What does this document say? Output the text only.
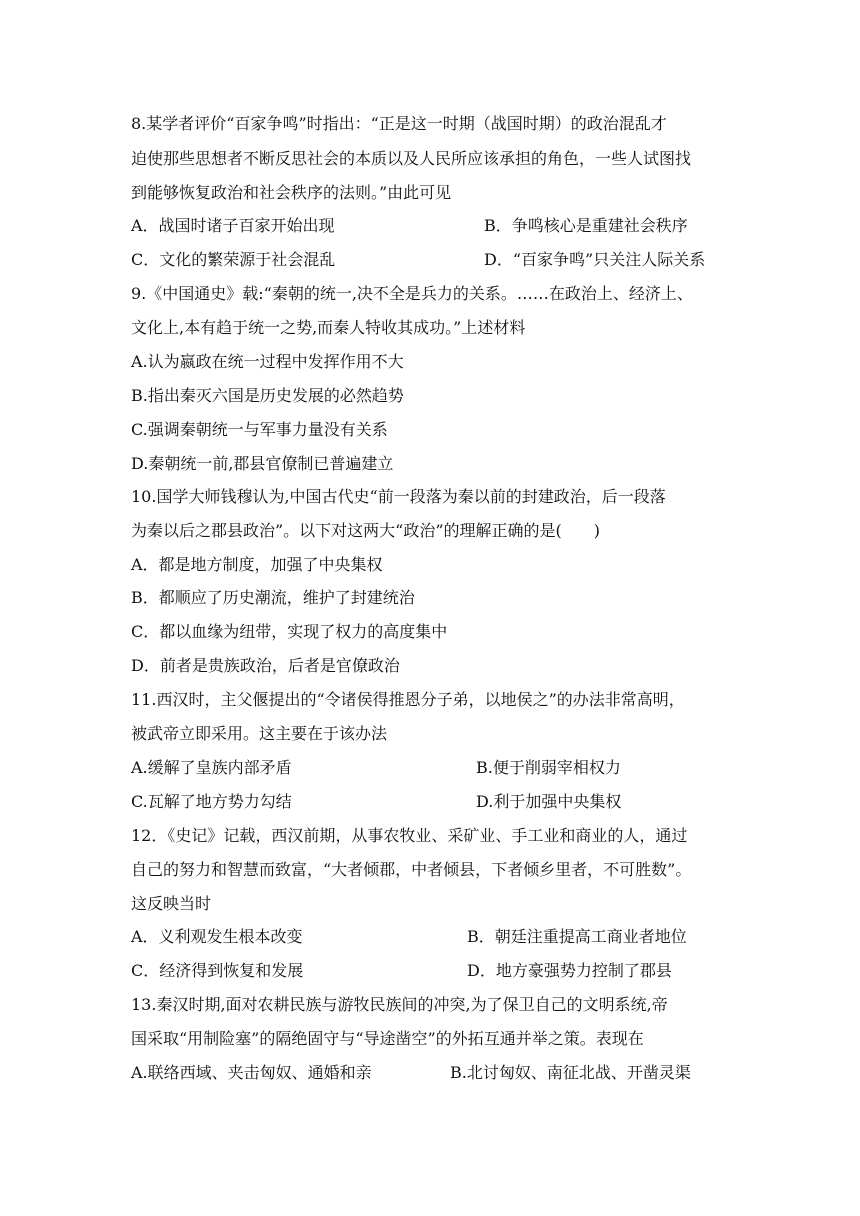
8.某学者评价“百家争鸣”时指出：“正是这一时期（战国时期）的政治混乱才
迫使那些思想者不断反思社会的本质以及人民所应该承担的角色，一些人试图找
到能够恢复政治和社会秩序的法则。”由此可见
A．战国时诸子百家开始出现	B．争鸣核心是重建社会秩序
C．文化的繁荣源于社会混乱	D．“百家争鸣”只关注人际关系
9.《中国通史》载:“秦朝的统一,决不全是兵力的关系。……在政治上、经济上、
文化上,本有趋于统一之势,而秦人特收其成功。”上述材料
A.认为嬴政在统一过程中发挥作用不大
B.指出秦灭六国是历史发展的必然趋势
C.强调秦朝统一与军事力量没有关系
D.秦朝统一前,郡县官僚制已普遍建立
10.国学大师钱穆认为,中国古代史“前一段落为秦以前的封建政治，后一段落
为秦以后之郡县政治”。以下对这两大“政治”的理解正确的是(　　)
A．都是地方制度，加强了中央集权
B．都顺应了历史潮流，维护了封建统治
C．都以血缘为纽带，实现了权力的高度集中
D．前者是贵族政治，后者是官僚政治
11.西汉时，主父偃提出的“令诸侯得推恩分子弟，以地侯之”的办法非常高明，
被武帝立即采用。这主要在于该办法
A.缓解了皇族内部矛盾	B.便于削弱宰相权力
C.瓦解了地方势力勾结	D.利于加强中央集权
12．《史记》记载，西汉前期，从事农牧业、采矿业、手工业和商业的人，通过
自己的努力和智慧而致富，“大者倾郡，中者倾县，下者倾乡里者，不可胜数”。
这反映当时
A．义利观发生根本改变	B．朝廷注重提高工商业者地位
C．经济得到恢复和发展	D．地方豪强势力控制了郡县
13.秦汉时期,面对农耕民族与游牧民族间的冲突,为了保卫自己的文明系统,帝
国采取“用制险塞”的隔绝固守与“导途凿空”的外拓互通并举之策。表现在
A.联络西域、夹击匈奴、通婚和亲	B.北讨匈奴、南征北战、开凿灵渠
